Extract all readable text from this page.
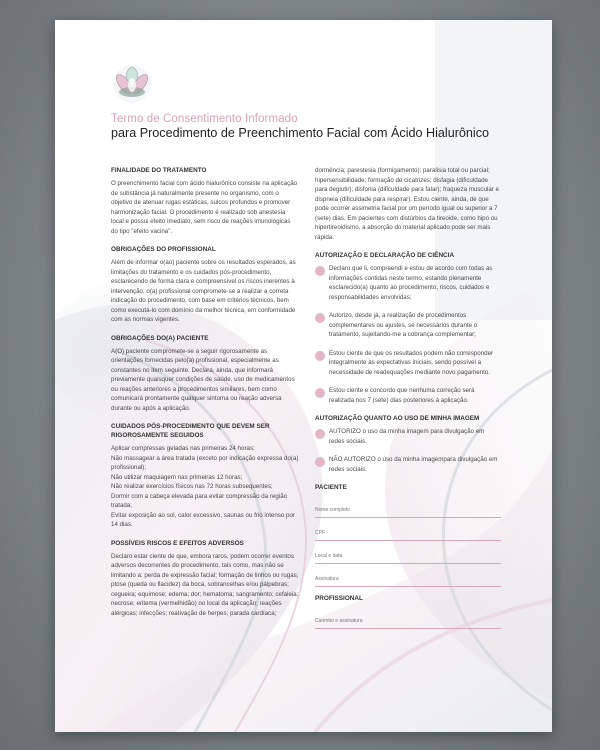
Termo de Consentimento Informado
para Procedimento de Preenchimento Facial com Ácido Hialurônico
FINALIDADE DO TRATAMENTO
O preenchimento facial com ácido hialurônico consiste na aplicação de substância já naturalmente presente no organismo, com o objetivo de atenuar rugas estáticas, sulcos profundos e promover harmonização facial. O procedimento é realizado sob anestesia local e possui efeito imediato, sem risco de reações imunológicas do tipo "efeito vacina".
OBRIGAÇÕES DO PROFISSIONAL
Além de informar o(ao) paciente sobre os resultados esperados, as limitações do tratamento e os cuidados pós-procedimento, esclarecendo de forma clara e compreensível os riscos inerentes à intervenção, o(a) profissional compromete-se a realizar a correta indicação do procedimento, com base em critérios técnicos, bem como executá-lo com domínio da melhor técnica, em conformidade com as normas vigentes.
OBRIGAÇÕES DO(A) PACIENTE
A(O) paciente compromete-se a seguir rigorosamente as orientações fornecidas pelo(a) profissional, especialmente as constantes no item seguinte. Declara, ainda, que informará previamente quaisquer condições de saúde, uso de medicamentos ou reações anteriores a procedimentos similares, bem como comunicará prontamente qualquer sintoma ou reação adversa durante ou após a aplicação.
CUIDADOS PÓS-PROCEDIMENTO QUE DEVEM SER RIGOROSAMENTE SEGUIDOS
Aplicar compressas geladas nas primeiras 24 horas;
Não massagear a área tratada (exceto por indicação expressa do(a) profissional);
Não utilizar maquiagem nas primeiras 12 horas;
Não realizar exercícios físicos nas 72 horas subsequentes;
Dormir com a cabeça elevada para evitar compressão da região tratada;
Evitar exposição ao sol, calor excessivo, saunas ou frio intenso por 14 dias.
POSSÍVEIS RISCOS E EFEITOS ADVERSOS
Declaro estar ciente de que, embora raros, podem ocorrer eventos adversos decorrentes do procedimento, tais como, mas não se limitando a: perda de expressão facial; formação de linhos ou rugas; ptose (queda ou flacidez) da boca, sobrancelhas e/ou pálpebras; cegueira; equimose; edema; dor; hematoma; sangramento; cefaleia; necrose; eritema (vermelhidão) no local da aplicação; reações alérgicas; infecções; reativação de herpes; parada cardíaca;
dormência; parestesia (formigamento); paralisia total ou parcial; hipersensibilidade; formação de cicatrizes; disfagia (dificuldade para deglutir); disfonia (dificuldade para falar); fraqueza muscular e dispneia (dificuldade para respirar). Estou ciente, ainda, de que pode ocorrer assimetria facial por um período igual ou superior a 7 (sete) dias. Em pacientes com distúrbios da tireoide, como hipo ou hipertireoidismo, a absorção do material aplicado pode ser mais rápida.
AUTORIZAÇÃO E DECLARAÇÃO DE CIÊNCIA
Declaro que li, compreendi e estou de acordo com todas as informações contidas neste termo, estando plenamente esclarecido(a) quanto ao procedimento, riscos, cuidados e responsabilidades envolvidas;
Autorizo, desde já, a realização de procedimentos complementares ou ajustes, se necessários durante o tratamento, sujeitando-me a cobrança complementar;
Estou ciente de que os resultados podem não corresponder integralmente às expectativas iniciais, sendo possível a necessidade de readequações mediante novo pagamento.
Estou ciente e concordo que nenhuma correção será realizada nos 7 (sete) dias posteriores à aplicação.
AUTORIZAÇÃO QUANTO AO USO DE MINHA IMAGEM
AUTORIZO o uso da minha imagem para divulgação em redes sociais.
NÃO AUTORIZO o uso da minha imagempara divulgação em redes sociais.
PACIENTE
Nome completo
CPF
Local e data
Assinatura
PROFISSIONAL
Carimbo e assinatura
